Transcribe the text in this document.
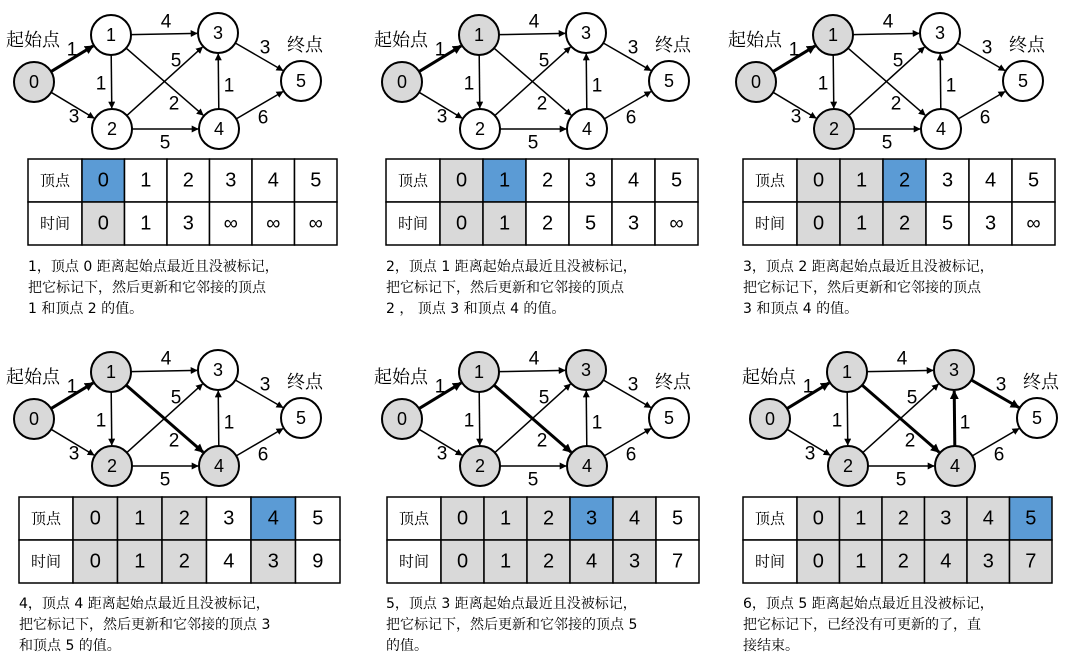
起始点	终点
1
3
1
4
5
2
5
1
3
6
0
1
2
3
4
5
顶点 0 1 2 3 4 5
时间 0 1 3 ∞ ∞ ∞
起始点	终点
1
3
1
4
5
2
5
1
3
6
0
1
2
3
4
5
顶点 0 1 2 3 4 5
时间 0 1 2 5 3 ∞
起始点	终点
1
3
1
4
5
2
5
1
3
6
0
1
2
3
4
5
顶点 0 1 2 3 4 5
时间 0 1 2 5 3 ∞
起始点	终点
1
3
1
4
5
2
5
1
3
6
0
1
2
3
4
5
顶点 0 1 2 3 4 5
时间 0 1 2 4 3 9
起始点	终点
1
3
1
4
5
2
5
1
3
6
0
1
2
3
4
5
顶点 0 1 2 3 4 5
时间 0 1 2 4 3 7
起始点	终点
1
3
1
4
5
2
5
1
3
6
0
1
2
3
4
5
顶点 0 1 2 3 4 5
时间 0 1 2 4 3 7
1，顶点 0 距离起始点最近且没被标记，
把它标记下，然后更新和它邻接的顶点
1 和顶点 2 的值。
2，顶点 1 距离起始点最近且没被标记，
把它标记下，然后更新和它邻接的顶点
2 ， 顶点 3 和顶点 4 的值。
3，顶点 2 距离起始点最近且没被标记，
把它标记下，然后更新和它邻接的顶点
3 和顶点 4 的值。
4，顶点 4 距离起始点最近且没被标记，
把它标记下，然后更新和它邻接的顶点 3
和顶点 5 的值。
5，顶点 3 距离起始点最近且没被标记，
把它标记下，然后更新和它邻接的顶点 5
的值。
6，顶点 5 距离起始点最近且没被标记，
把它标记下，已经没有可更新的了，直
接结束。
